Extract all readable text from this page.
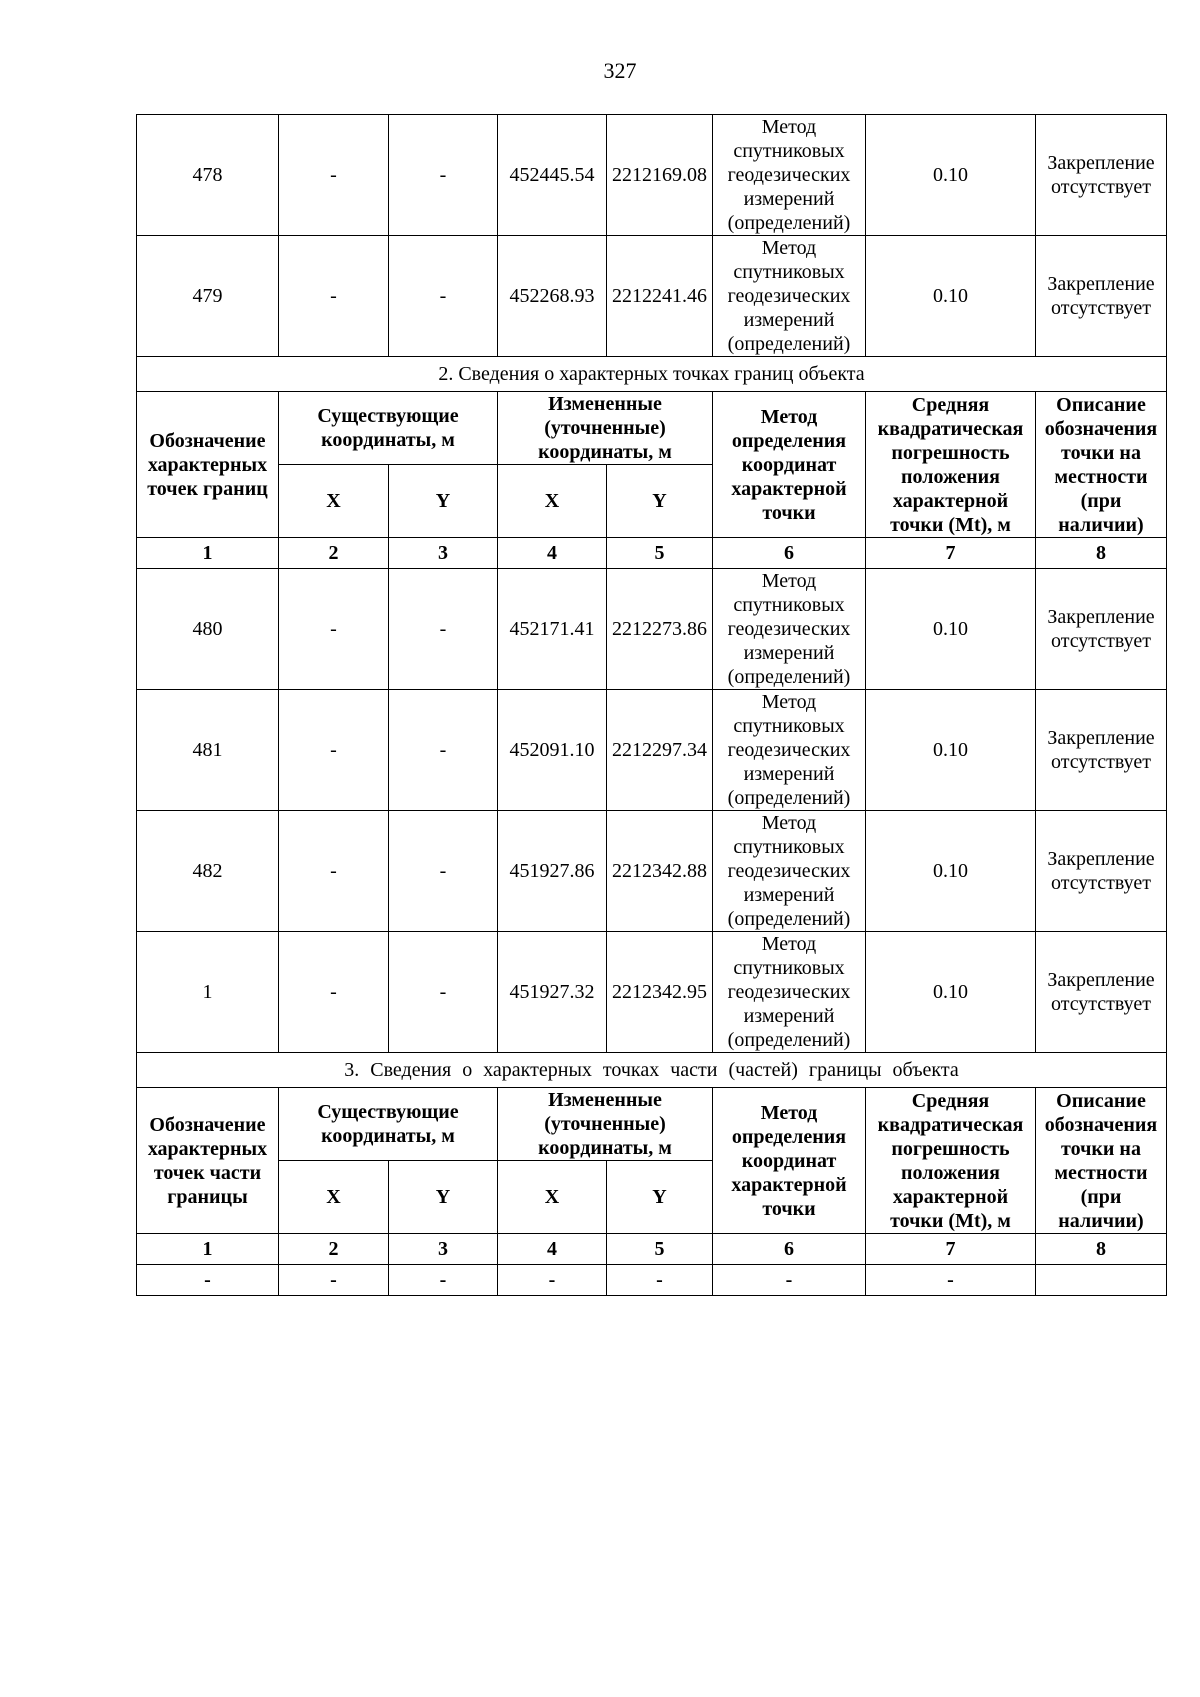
327
478	-	-	452445.54	2212169.08	Метод спутниковых геодезических измерений (определений)	0.10	Закрепление отсутствует
479	-	-	452268.93	2212241.46	Метод спутниковых геодезических измерений (определений)	0.10	Закрепление отсутствует
2. Сведения о характерных точках границ объекта							
Обозначение характерных точек границ	Существующие координаты, м		Измененные (уточненные) координаты, м		Метод определения координат характерной точки	Средняя квадратическая погрешность положения характерной точки (Mt), м	Описание обозначения точки на местности (при наличии)
	X	Y	X	Y			
1	2	3	4	5	6	7	8
480	-	-	452171.41	2212273.86	Метод спутниковых геодезических измерений (определений)	0.10	Закрепление отсутствует
481	-	-	452091.10	2212297.34	Метод спутниковых геодезических измерений (определений)	0.10	Закрепление отсутствует
482	-	-	451927.86	2212342.88	Метод спутниковых геодезических измерений (определений)	0.10	Закрепление отсутствует
1	-	-	451927.32	2212342.95	Метод спутниковых геодезических измерений (определений)	0.10	Закрепление отсутствует
3. Сведения о характерных точках части (частей) границы объекта							
Обозначение характерных точек части границы	Существующие координаты, м		Измененные (уточненные) координаты, м		Метод определения координат характерной точки	Средняя квадратическая погрешность положения характерной точки (Mt), м	Описание обозначения точки на местности (при наличии)
	X	Y	X	Y			
1	2	3	4	5	6	7	8
-	-	-	-	-	-	-	
